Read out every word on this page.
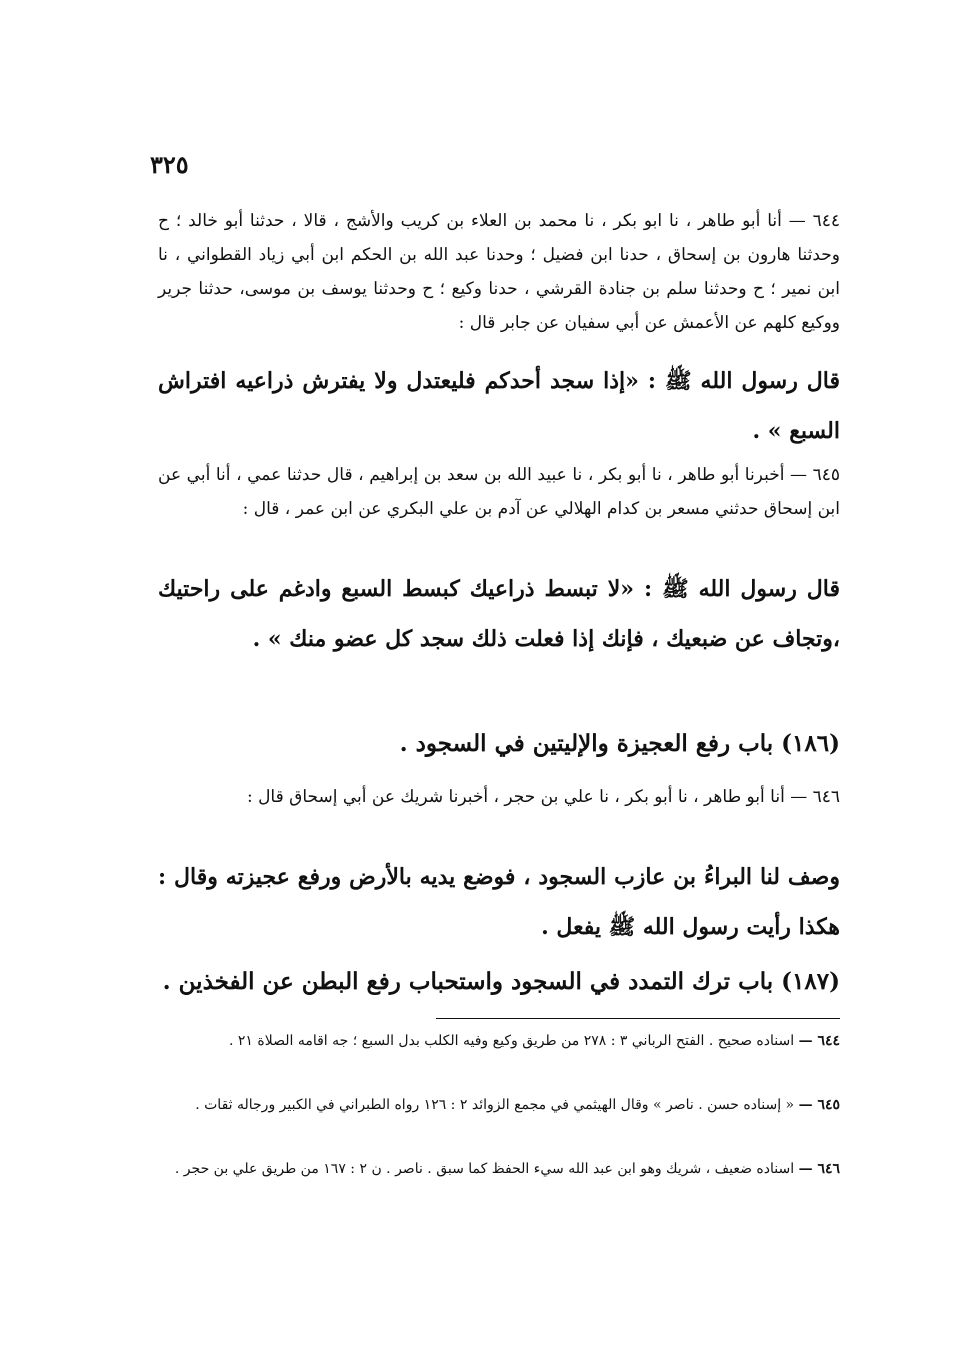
٣٢٥
٦٤٤ — أنا أبو طاهر ، نا ابو بكر ، نا محمد بن العلاء بن كريب والأشج ، قالا ، حدثنا أبو خالد ؛ ح وحدثنا هارون بن إسحاق ، حدنا ابن فضيل ؛ وحدنا عبد الله بن الحكم ابن أبي زياد القطواني ، نا ابن نمير ؛ ح وحدثنا سلم بن جنادة القرشي ، حدنا وكيع ؛ ح وحدثنا يوسف بن موسى، حدثنا جرير ووكيع كلهم عن الأعمش عن أبي سفيان عن جابر قال :
قال رسول الله ﷺ : «إذا سجد أحدكم فليعتدل ولا يفترش ذراعيه افتراش السبع » .
٦٤٥ — أخبرنا أبو طاهر ، نا أبو بكر ، نا عبيد الله بن سعد بن إبراهيم ، قال حدثنا عمي ، أنا أبي عن ابن إسحاق حدثني مسعر بن كدام الهلالي عن آدم بن علي البكري عن ابن عمر ، قال :
قال رسول الله ﷺ : «لا تبسط ذراعيك كبسط السبع وادغم على راحتيك ،وتجاف عن ضبعيك ، فإنك إذا فعلت ذلك سجد كل عضو منك » .
(١٨٦) باب رفع العجيزة والإليتين في السجود .
٦٤٦ — أنا أبو طاهر ، نا أبو بكر ، نا علي بن حجر ، أخبرنا شريك عن أبي إسحاق قال :
وصف لنا البراءُ بن عازب السجود ، فوضع يديه بالأرض ورفع عجيزته وقال : هكذا رأيت رسول الله ﷺ يفعل .
(١٨٧) باب ترك التمدد في السجود واستحباب رفع البطن عن الفخذين .
٦٤٤ — اسناده صحيح . الفتح الرباني ٣ : ٢٧٨ من طريق وكيع وفيه الكلب بدل السبع ؛ جه اقامه الصلاة ٢١ .
٦٤٥ — « إسناده حسن . ناصر » وقال الهيثمي في مجمع الزوائد ٢ : ١٢٦ رواه الطبراني في الكبير ورجاله ثقات .
٦٤٦ — اسناده ضعيف ، شريك وهو ابن عبد الله سيء الحفظ كما سبق . ناصر . ن ٢ : ١٦٧ من طريق علي بن حجر .
